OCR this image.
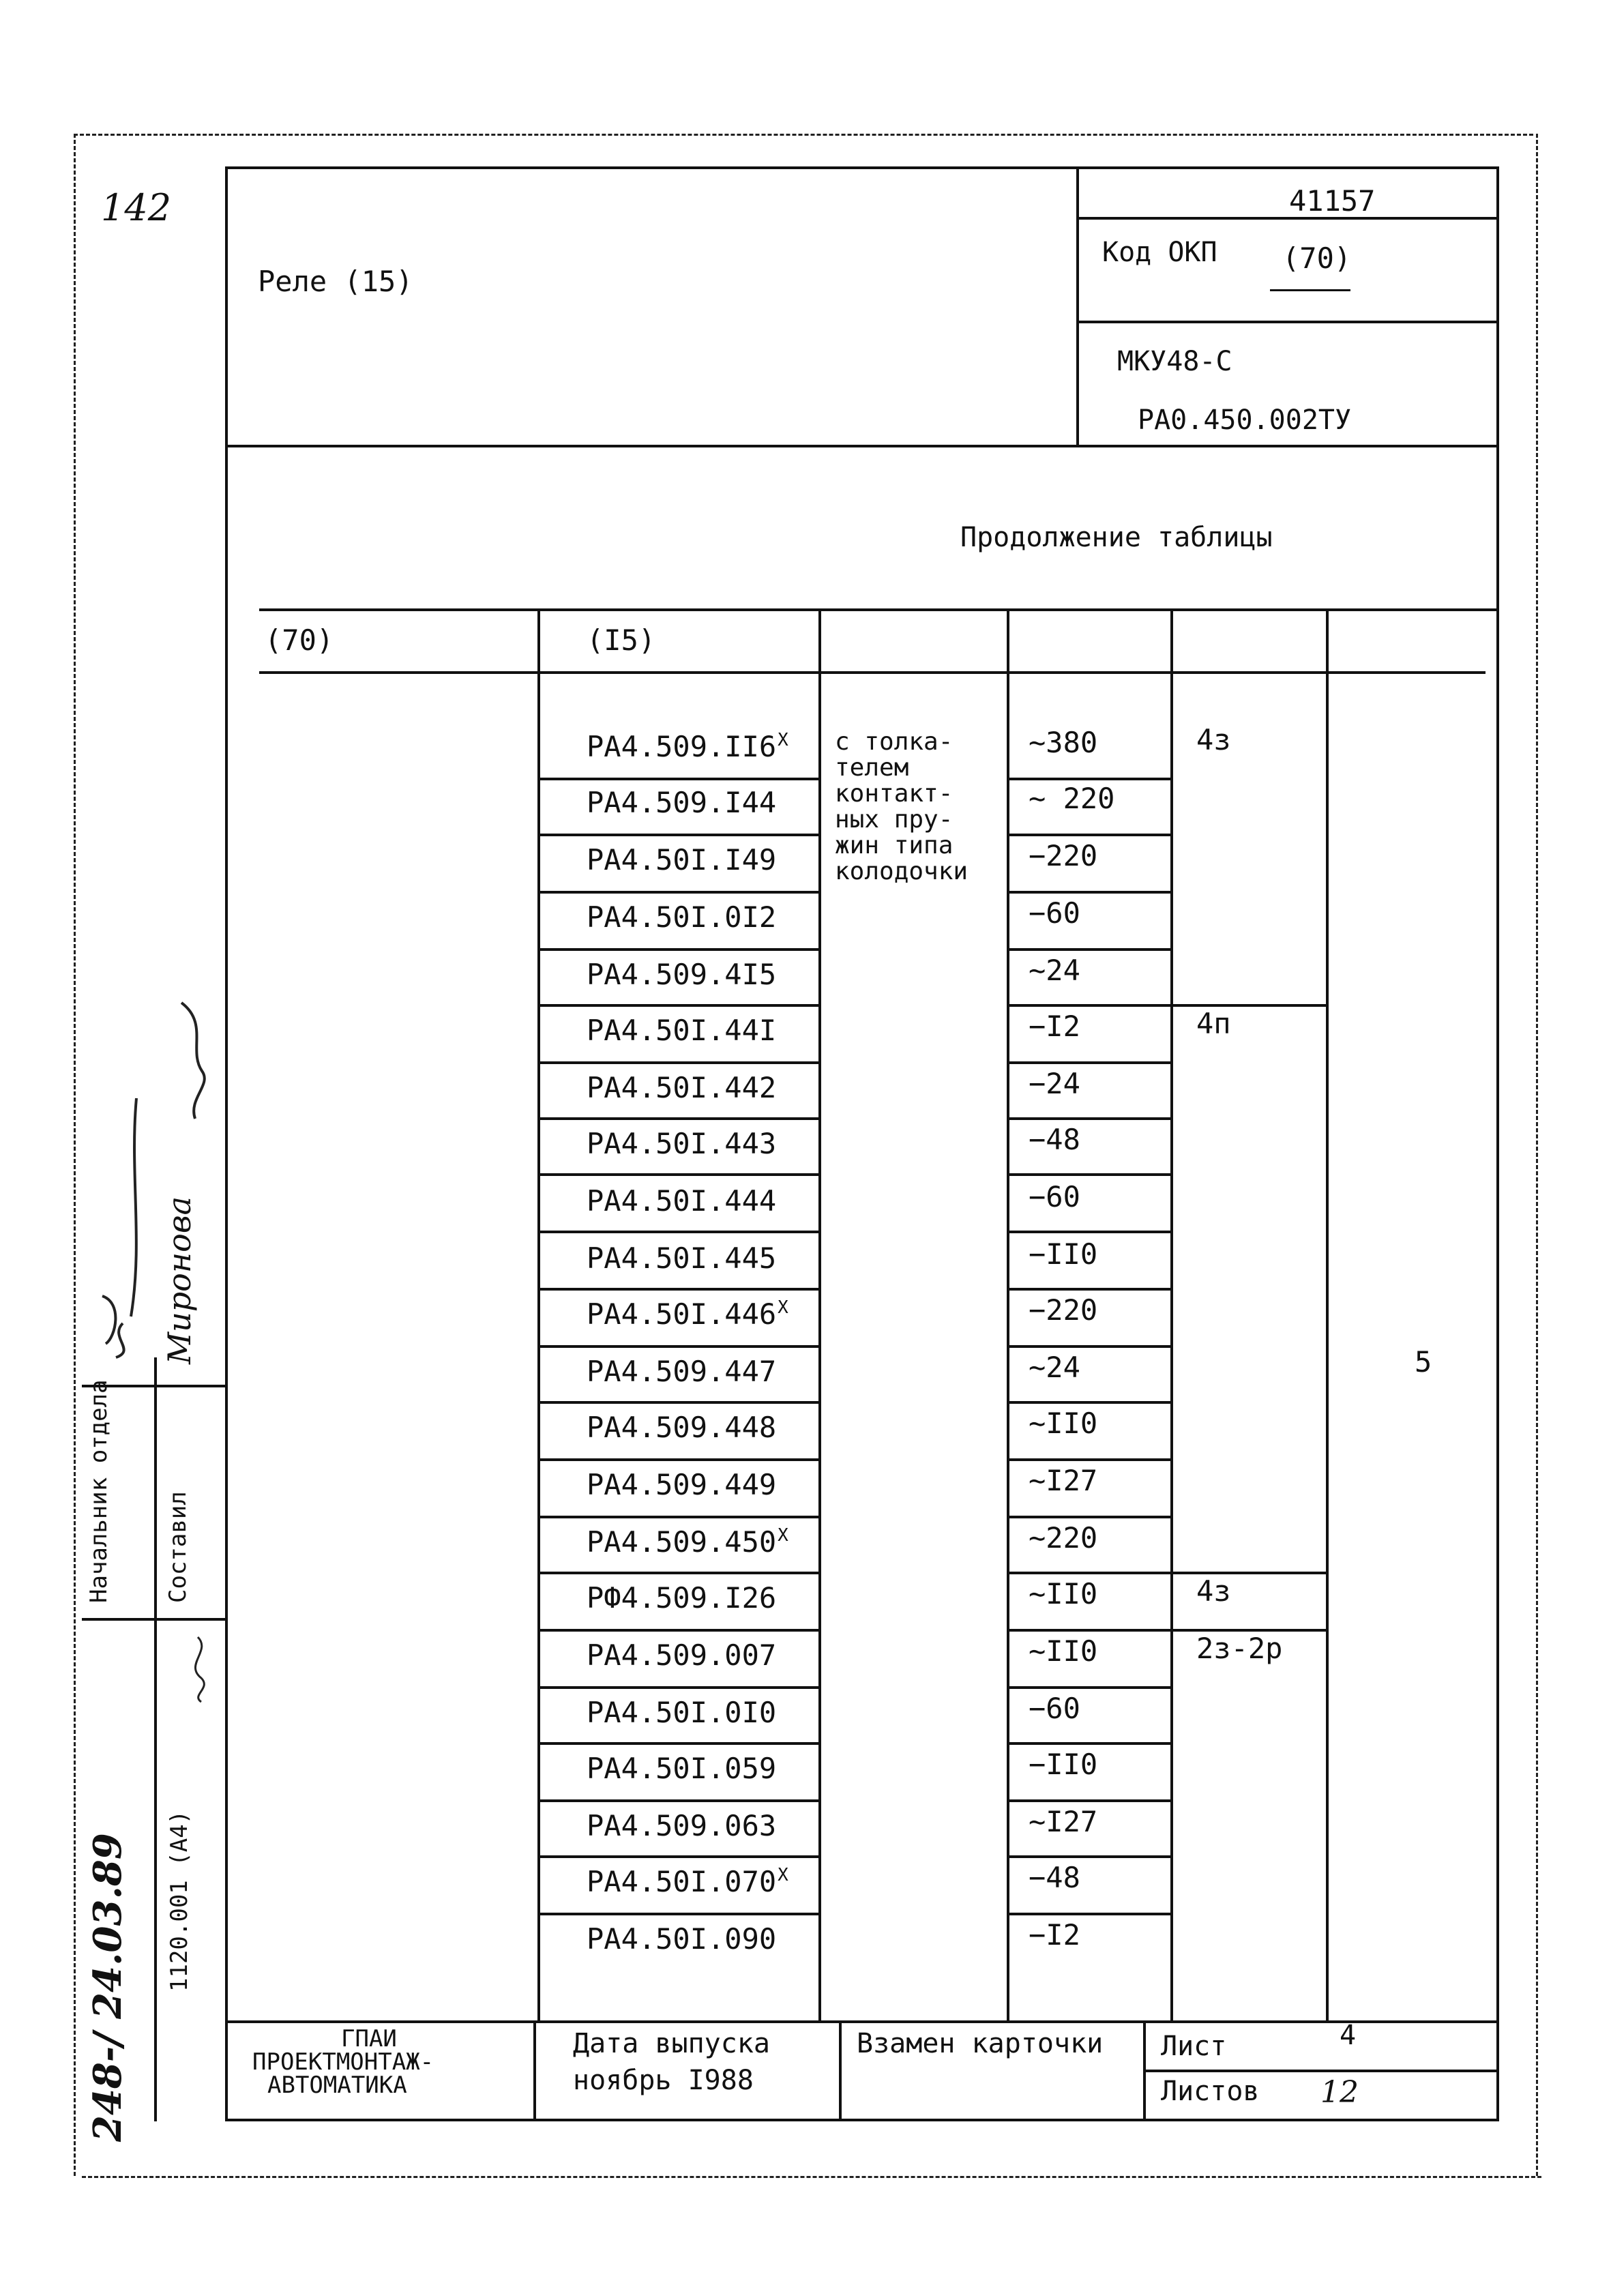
142
Реле (15)
41157
Код ОКП (70)
МКУ48-С
РА0.450.002ТУ
Продолжение таблицы
(70)	(I5)
$РА4.509.II6^X$
РА4.509.I44
РА4.50I.I49
РА4.50I.0I2
РА4.509.4I5
РА4.50I.44I
РА4.50I.442
РА4.50I.443
РА4.50I.444
РА4.50I.445
$РА4.50I.446^X$
РА4.509.447
РА4.509.448
РА4.509.449
$РА4.509.450^X$
РФ4.509.I26
РА4.509.007
РА4.50I.0I0
РА4.50I.059
РА4.509.063
$РА4.50I.070^X$
РА4.50I.090
с толка-
телем
контакт-
ных пру-
жин типа
колодочки
∼380
∼ 220
−220
−60
∼24
−I2
−24
−48
−60
−II0
−220
∼24
∼II0
∼I27
∼220
∼II0
∼II0
−60
−II0
∼I27
−48
−I2
4з
4п
4з
2з-2р
5
ГПАИ
ПРОЕКТМОНТАЖ-
АВТОМАТИКА
Дата выпуска
ноябрь I988
Взамен карточки Лист	4
Листов 12
Начальник отдела Составил
Миронова
248-/ 24.03.89 1120.001 (А4)
